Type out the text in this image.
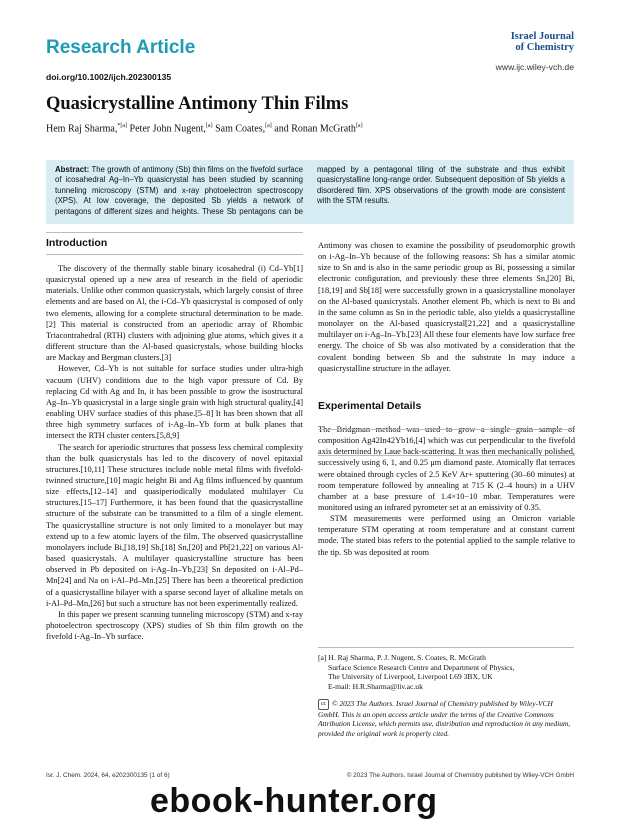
Research Article
doi.org/10.1002/ijch.202300135
Israel Journal
of Chemistry
www.ijc.wiley-vch.de
Quasicrystalline Antimony Thin Films
Hem Raj Sharma,$^{*[a]}$ Peter John Nugent,[a] Sam Coates,[a] and Ronan McGrath[a]

Abstract: The growth of antimony (Sb) thin films on the fivefold surface of icosahedral Ag–In–Yb quasicrystal has been studied by scanning tunneling microscopy (STM) and x-ray photoelectron spectroscopy (XPS). At low coverage, the deposited Sb yields a network of pentagons of different sizes and heights. These Sb pentagons can be mapped by a pentagonal tiling of the substrate and thus exhibit quasicrystalline long-range order. Subsequent deposition of Sb yields a disordered film. XPS observations of the growth mode are consistent with the STM results.

Introduction

The discovery of the thermally stable binary icosahedral (i) Cd–Yb[1] quasicrystal opened up a new area of research in the field of aperiodic materials. Unlike other common quasicrystals, which largely consist of three elements and are based on Al, the i-Cd–Yb quasicrystal is composed of only two elements, allowing for a complete structural determination to be made.[2] This material is constructed from an aperiodic array of Rhombic Triacontrahedral (RTH) clusters with adjoining glue atoms, which gives it a different structure than the Al-based quasicrystals, whose building blocks are Mackay and Bergman clusters.[3]

However, Cd–Yb is not suitable for surface studies under ultra-high vacuum (UHV) conditions due to the high vapor pressure of Cd. By replacing Cd with Ag and In, it has been possible to grow the isostructural Ag–In–Yb quasicrystal in a large single grain with high structural quality,[4] enabling UHV surface studies of this phase.[5–8] It has been shown that all three high symmetry surfaces of i-Ag–In–Yb form at bulk planes that intersect the RTH cluster centers.[5,8,9]

The search for aperiodic structures that possess less chemical complexity than the bulk quasicrystals has led to the discovery of novel epitaxial structures.[10,11] These structures include noble metal films with fivefold-twinned structure,[10] magic height Bi and Ag films influenced by quantum size effects,[12–14] and quasiperiodically modulated multilayer Cu structures.[15–17] Furthermore, it has been found that the quasicrystalline structure of the substrate can be transmitted to a film of a single element. The quasicrystalline structure is not only limited to a monolayer but may extend up to a few atomic layers of the film. The observed quasicrystalline monolayers include Bi,[18,19] Sb,[18] Sn,[20] and Pb[21,22] on various Al-based quasicrystals. A multilayer quasicrystalline structure has been observed in Pb deposited on i-Ag–In–Yb,[23] Sn deposited on i-Al–Pd–Mn[24] and Na on i-Al–Pd–Mn.[25] There has been a theoretical prediction of a quasicrystalline bilayer with a sparse second layer of alkaline metals on i-Al–Pd–Mn,[26] but such a structure has not been experimentally realized.

In this paper we present scanning tunneling microscopy (STM) and x-ray photoelectron spectroscopy (XPS) studies of Sb thin film growth on the fivefold i-Ag–In–Yb surface.

Antimony was chosen to examine the possibility of pseudomorphic growth on i-Ag–In–Yb because of the following reasons: Sb has a similar atomic size to Sn and is also in the same periodic group as Bi, possessing a similar electronic configuration, and previously these three elements Sn,[20] Bi,[18,19] and Sb[18] were successfully grown in a quasicrystalline monolayer on the Al-based quasicrystals. Another element Pb, which is next to Bi and in the same column as Sn in the periodic table, also yields a quasicrystalline monolayer on the Al-based quasicrystal[21,22] and a quasicrystalline multilayer on i-Ag–In–Yb.[23] All these four elements have low surface free energy. The choice of Sb was also motivated by a consideration that the covalent bonding between Sb and the substrate In may induce a quasicrystalline structure in the adlayer.

Experimental Details

The Bridgman method was used to grow a single grain sample of composition Ag42In42Yb16,[4] which was cut perpendicular to the fivefold axis determined by Laue back-scattering. It was then mechanically polished, successively using 6, 1, and 0.25 μm diamond paste. Atomically flat terraces were obtained through cycles of 2.5 KeV Ar+ sputtering (30–60 minutes) at room temperature followed by annealing at 715 K (2–4 hours) in a UHV chamber at a base pressure of 1.4×10−10 mbar. Temperatures were monitored using an infrared pyrometer set at an emissivity of 0.35.

STM measurements were performed using an Omicron variable temperature STM operating at room temperature and at constant current mode. The stated bias refers to the potential applied to the sample relative to the tip. Sb was deposited at room

[a] H. Raj Sharma, P. J. Nugent, S. Coates, R. McGrath
Surface Science Research Centre and Department of Physics,
The University of Liverpool, Liverpool L69 3BX, UK
E-mail: H.R.Sharma@liv.ac.uk
cc © 2023 The Authors. Israel Journal of Chemistry published by Wiley-VCH GmbH. This is an open access article under the terms of the Creative Commons Attribution License, which permits use, distribution and reproduction in any medium, provided the original work is properly cited.
Isr. J. Chem. 2024, 64, e202300135 (1 of 6)	© 2023 The Authors. Israel Journal of Chemistry published by Wiley-VCH GmbH
ebook-hunter.org
